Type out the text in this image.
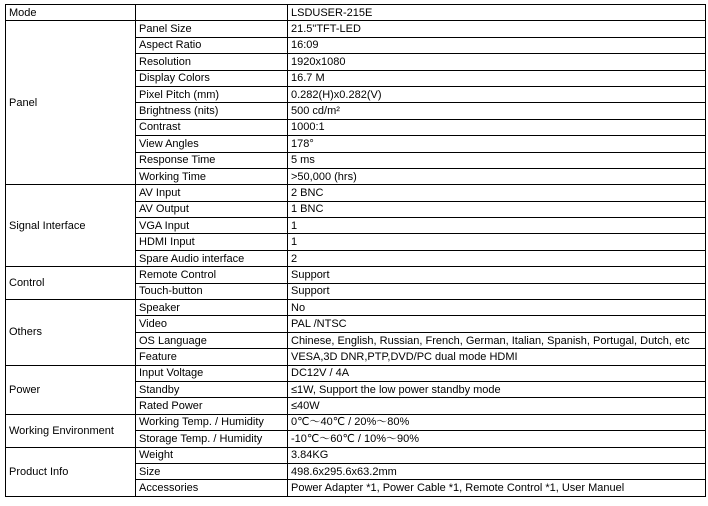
Mode		LSDUSER-215E
Panel	Panel Size	21.5"TFT-LED
	Aspect Ratio	16:09
	Resolution	1920x1080
	Display Colors	16.7 M
	Pixel Pitch (mm)	0.282(H)x0.282(V)
	Brightness (nits)	500 cd/m²
	Contrast	1000:1
	View Angles	178°
	Response Time	5 ms
	Working Time	>50,000 (hrs)
Signal Interface	AV Input	2 BNC
	AV Output	1 BNC
	VGA Input	1
	HDMI Input	1
	Spare Audio interface	2
Control	Remote Control	Support
	Touch-button	Support
Others	Speaker	No
	Video	PAL /NTSC
	OS Language	Chinese, English, Russian, French, German, Italian, Spanish, Portugal, Dutch, etc
	Feature	VESA,3D DNR,PTP,DVD/PC dual mode HDMI
Power	Input Voltage	DC12V / 4A
	Standby	≤1W, Support the low power standby mode
	Rated Power	≤40W
Working Environment	Working Temp. / Humidity	0℃～40℃ / 20%～80%
	Storage Temp. / Humidity	-10℃～60℃ / 10%～90%
Product Info	Weight	3.84KG
	Size	498.6x295.6x63.2mm
	Accessories	Power Adapter *1, Power Cable *1, Remote Control *1, User Manuel
